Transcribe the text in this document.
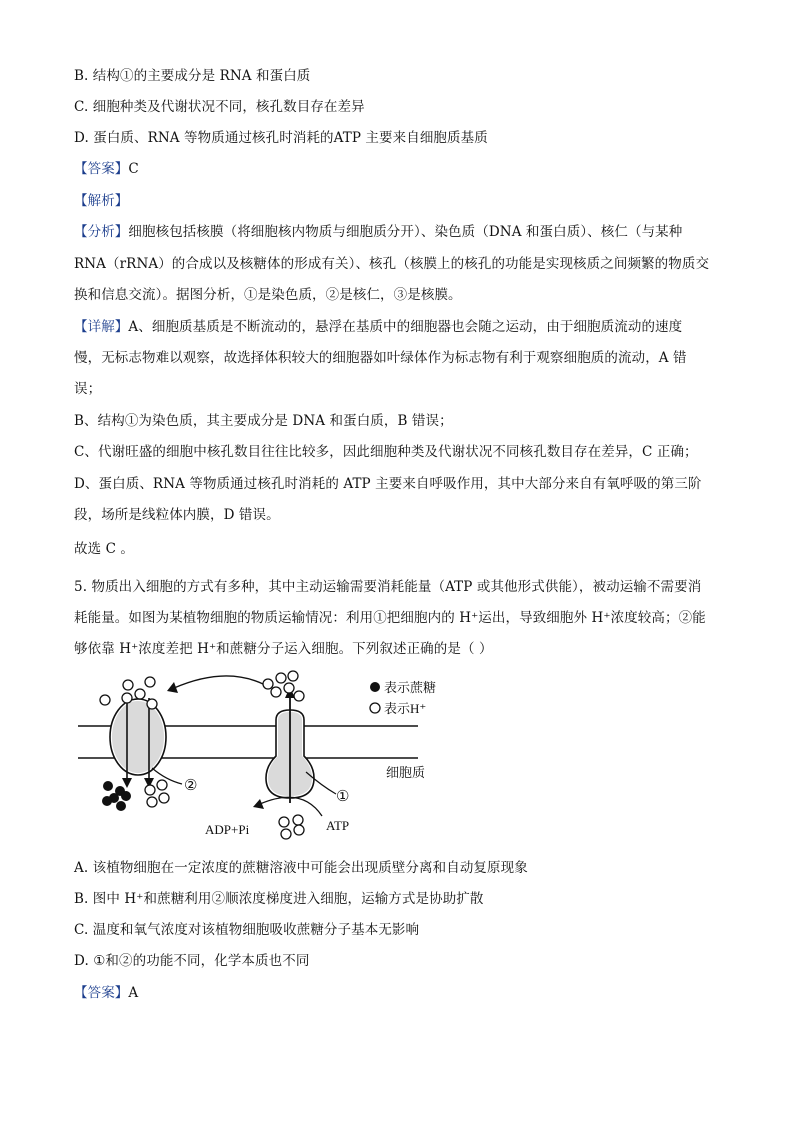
B. 结构①的主要成分是 RNA 和蛋白质
C. 细胞种类及代谢状况不同，核孔数目存在差异
D. 蛋白质、RNA 等物质通过核孔时消耗的ATP 主要来自细胞质基质
【答案】C
【解析】
【分析】细胞核包括核膜（将细胞核内物质与细胞质分开）、染色质（DNA 和蛋白质）、核仁（与某种
RNA（rRNA）的合成以及核糖体的形成有关）、核孔（核膜上的核孔的功能是实现核质之间频繁的物质交
换和信息交流）。据图分析，①是染色质，②是核仁，③是核膜。
【详解】A、细胞质基质是不断流动的，悬浮在基质中的细胞器也会随之运动，由于细胞质流动的速度
慢，无标志物难以观察，故选择体积较大的细胞器如叶绿体作为标志物有利于观察细胞质的流动，A 错
误；
B、结构①为染色质，其主要成分是 DNA 和蛋白质，B 错误；
C、代谢旺盛的细胞中核孔数目往往比较多，因此细胞种类及代谢状况不同核孔数目存在差异，C 正确；
D、蛋白质、RNA 等物质通过核孔时消耗的 ATP 主要来自呼吸作用，其中大部分来自有氧呼吸的第三阶
段，场所是线粒体内膜，D 错误。
故选 C 。
5. 物质出入细胞的方式有多种，其中主动运输需要消耗能量（ATP 或其他形式供能），被动运输不需要消
耗能量。如图为某植物细胞的物质运输情况：利用①把细胞内的 H⁺运出，导致细胞外 H⁺浓度较高；②能
够依靠 H⁺浓度差把 H⁺和蔗糖分子运入细胞。下列叙述正确的是（ ）
表示蔗糖
表示H⁺
细胞质
②
①
ADP+Pi	ATP
A. 该植物细胞在一定浓度的蔗糖溶液中可能会出现质壁分离和自动复原现象
B. 图中 H⁺和蔗糖利用②顺浓度梯度进入细胞，运输方式是协助扩散
C. 温度和氧气浓度对该植物细胞吸收蔗糖分子基本无影响
D. ①和②的功能不同，化学本质也不同
【答案】A
